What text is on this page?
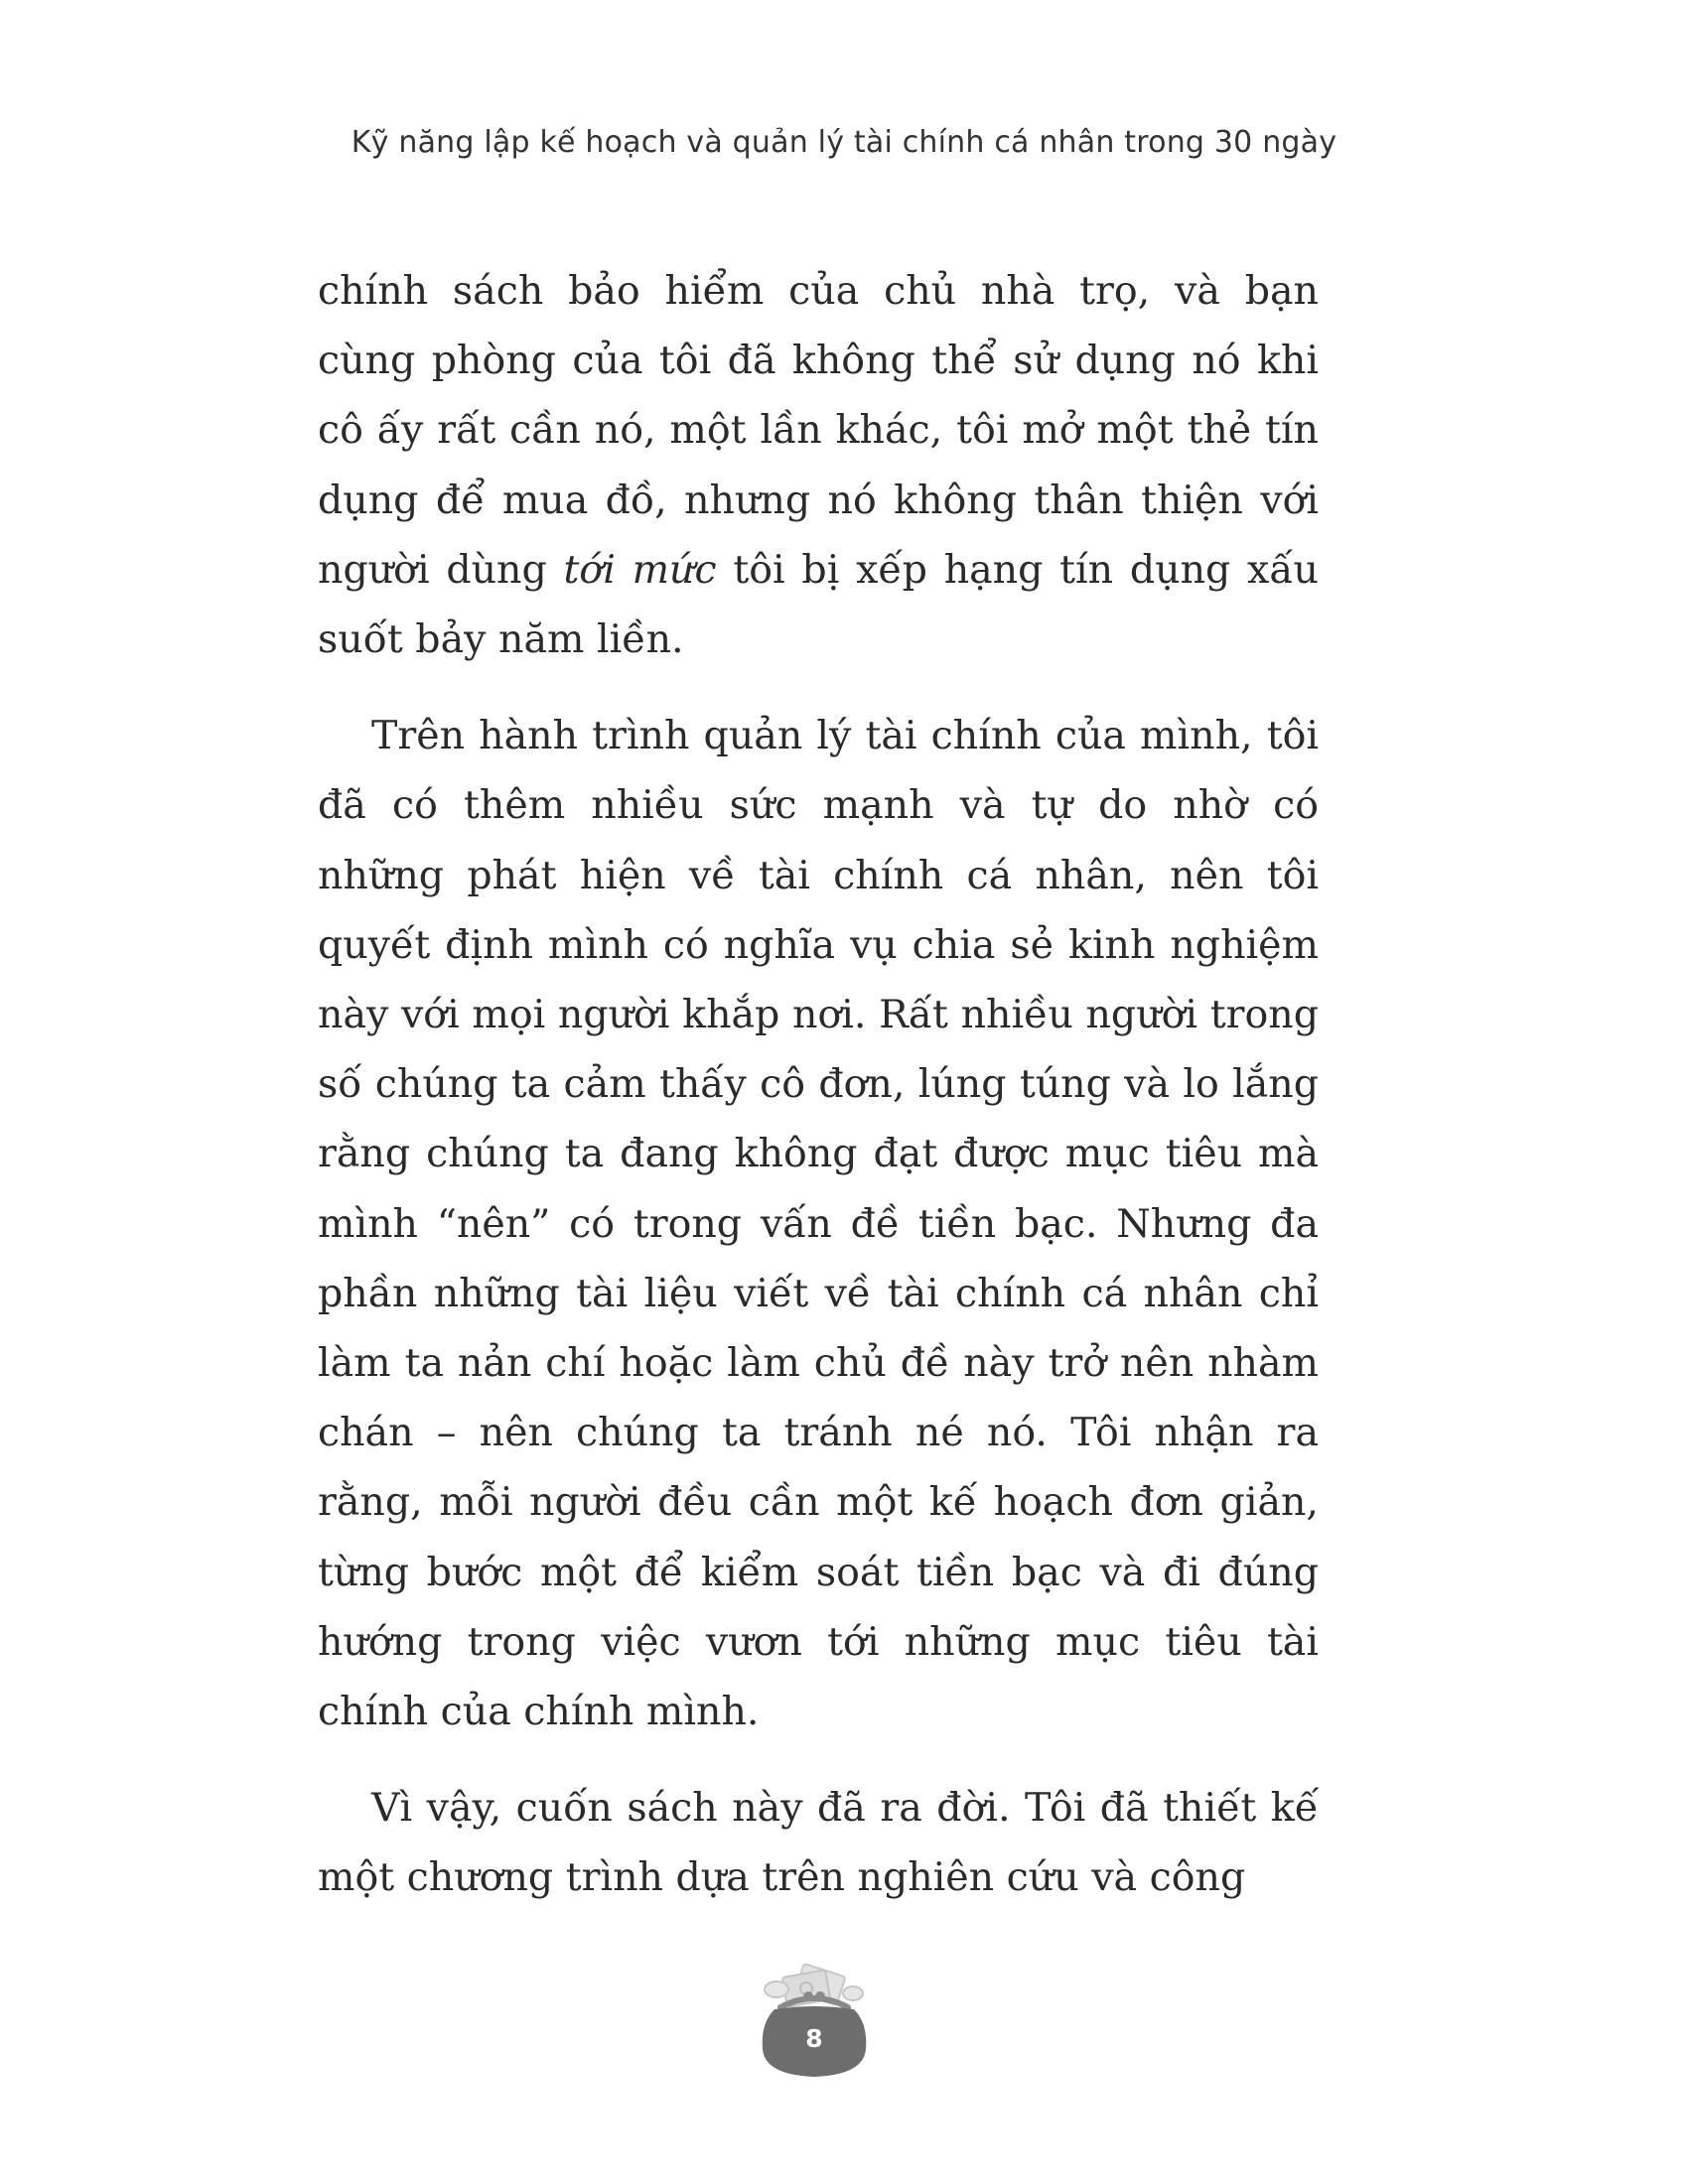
Kỹ năng lập kế hoạch và quản lý tài chính cá nhân trong 30 ngày

chính sách bảo hiểm của chủ nhà trọ, và bạn cùng phòng của tôi đã không thể sử dụng nó khi cô ấy rất cần nó, một lần khác, tôi mở một thẻ tín dụng để mua đồ, nhưng nó không thân thiện với người dùng tới mức tôi bị xếp hạng tín dụng xấu suốt bảy năm liền.

Trên hành trình quản lý tài chính của mình, tôi đã có thêm nhiều sức mạnh và tự do nhờ có những phát hiện về tài chính cá nhân, nên tôi quyết định mình có nghĩa vụ chia sẻ kinh nghiệm này với mọi người khắp nơi. Rất nhiều người trong số chúng ta cảm thấy cô đơn, lúng túng và lo lắng rằng chúng ta đang không đạt được mục tiêu mà mình “nên” có trong vấn đề tiền bạc. Nhưng đa phần những tài liệu viết về tài chính cá nhân chỉ làm ta nản chí hoặc làm chủ đề này trở nên nhàm chán – nên chúng ta tránh né nó. Tôi nhận ra rằng, mỗi người đều cần một kế hoạch đơn giản, từng bước một để kiểm soát tiền bạc và đi đúng hướng trong việc vươn tới những mục tiêu tài chính của chính mình.

Vì vậy, cuốn sách này đã ra đời. Tôi đã thiết kế một chương trình dựa trên nghiên cứu và công

8
